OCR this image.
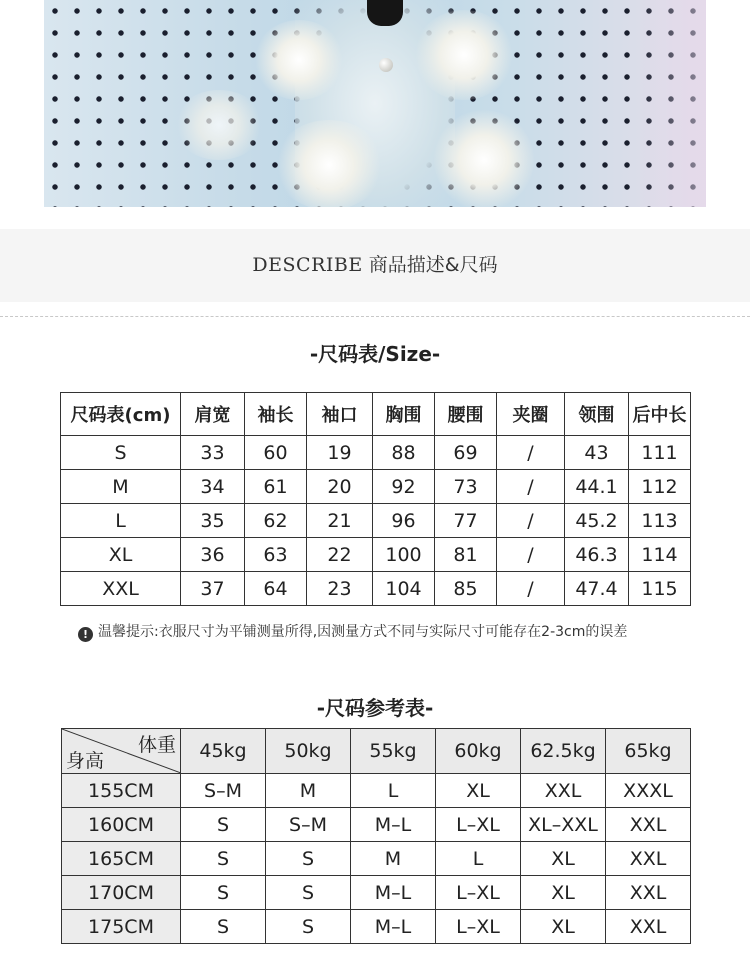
DESCRIBE 商品描述&尺码
-尺码表/Size-
尺码表(cm)	肩宽	袖长	袖口	胸围	腰围	夹圈	领围	后中长
S	33	60	19	88	69	/	43	111
M	34	61	20	92	73	/	44.1	112
L	35	62	21	96	77	/	45.2	113
XL	36	63	22	100	81	/	46.3	114
XXL	37	64	23	104	85	/	47.4	115
! 温馨提示:衣服尺寸为平铺测量所得,因测量方式不同与实际尺寸可能存在2-3cm的误差
-尺码参考表-
体重
身高	45kg	50kg	55kg	60kg	62.5kg	65kg
155CM	S–M	M	L	XL	XXL	XXXL
160CM	S	S–M	M–L	L–XL	XL–XXL	XXL
165CM	S	S	M	L	XL	XXL
170CM	S	S	M–L	L–XL	XL	XXL
175CM	S	S	M–L	L–XL	XL	XXL
